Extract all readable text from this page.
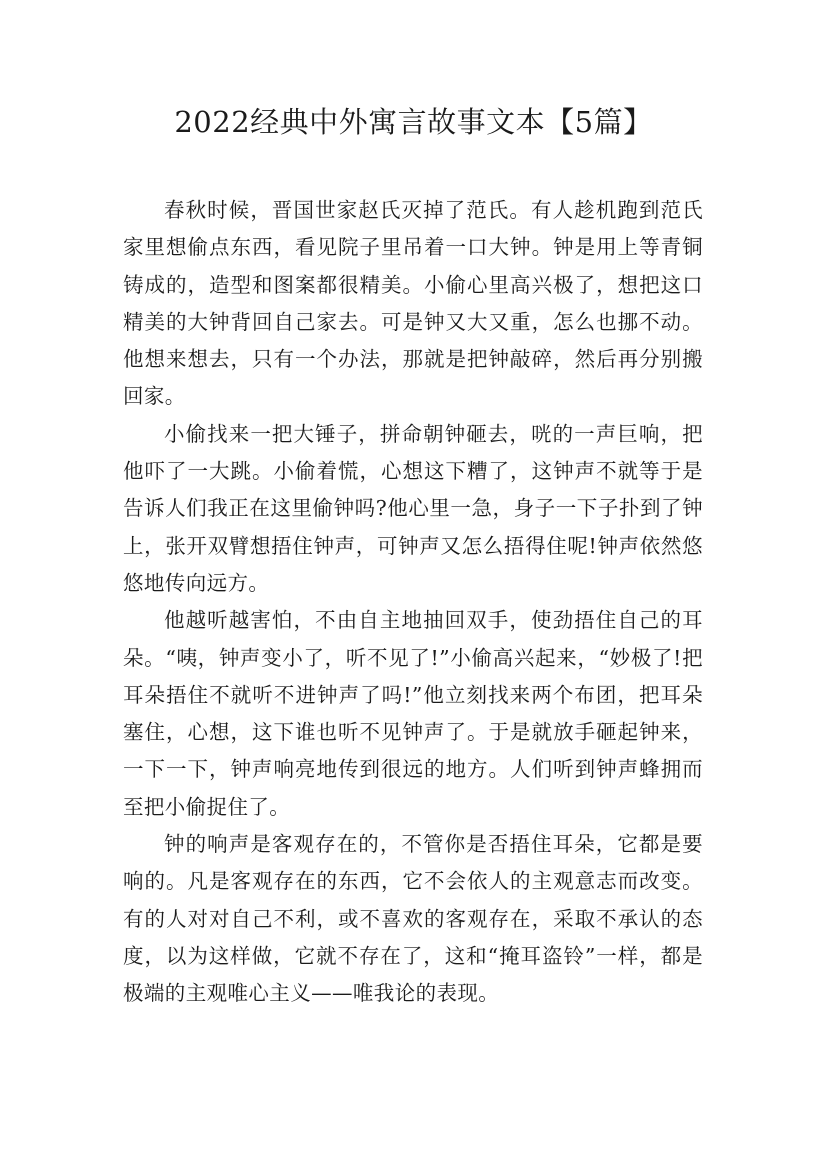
2022经典中外寓言故事文本【5篇】

春秋时候，晋国世家赵氏灭掉了范氏。有人趁机跑到范氏家里想偷点东西，看见院子里吊着一口大钟。钟是用上等青铜铸成的，造型和图案都很精美。小偷心里高兴极了，想把这口精美的大钟背回自己家去。可是钟又大又重，怎么也挪不动。他想来想去，只有一个办法，那就是把钟敲碎，然后再分别搬回家。

小偷找来一把大锤子，拼命朝钟砸去，咣的一声巨响，把他吓了一大跳。小偷着慌，心想这下糟了，这钟声不就等于是告诉人们我正在这里偷钟吗?他心里一急，身子一下子扑到了钟上，张开双臂想捂住钟声，可钟声又怎么捂得住呢!钟声依然悠悠地传向远方。

他越听越害怕，不由自主地抽回双手，使劲捂住自己的耳朵。“咦，钟声变小了，听不见了!”小偷高兴起来，“妙极了!把耳朵捂住不就听不进钟声了吗!”他立刻找来两个布团，把耳朵塞住，心想，这下谁也听不见钟声了。于是就放手砸起钟来，一下一下，钟声响亮地传到很远的地方。人们听到钟声蜂拥而至把小偷捉住了。

钟的响声是客观存在的，不管你是否捂住耳朵，它都是要响的。凡是客观存在的东西，它不会依人的主观意志而改变。有的人对对自己不利，或不喜欢的客观存在，采取不承认的态度，以为这样做，它就不存在了，这和“掩耳盗铃”一样，都是极端的主观唯心主义——唯我论的表现。
